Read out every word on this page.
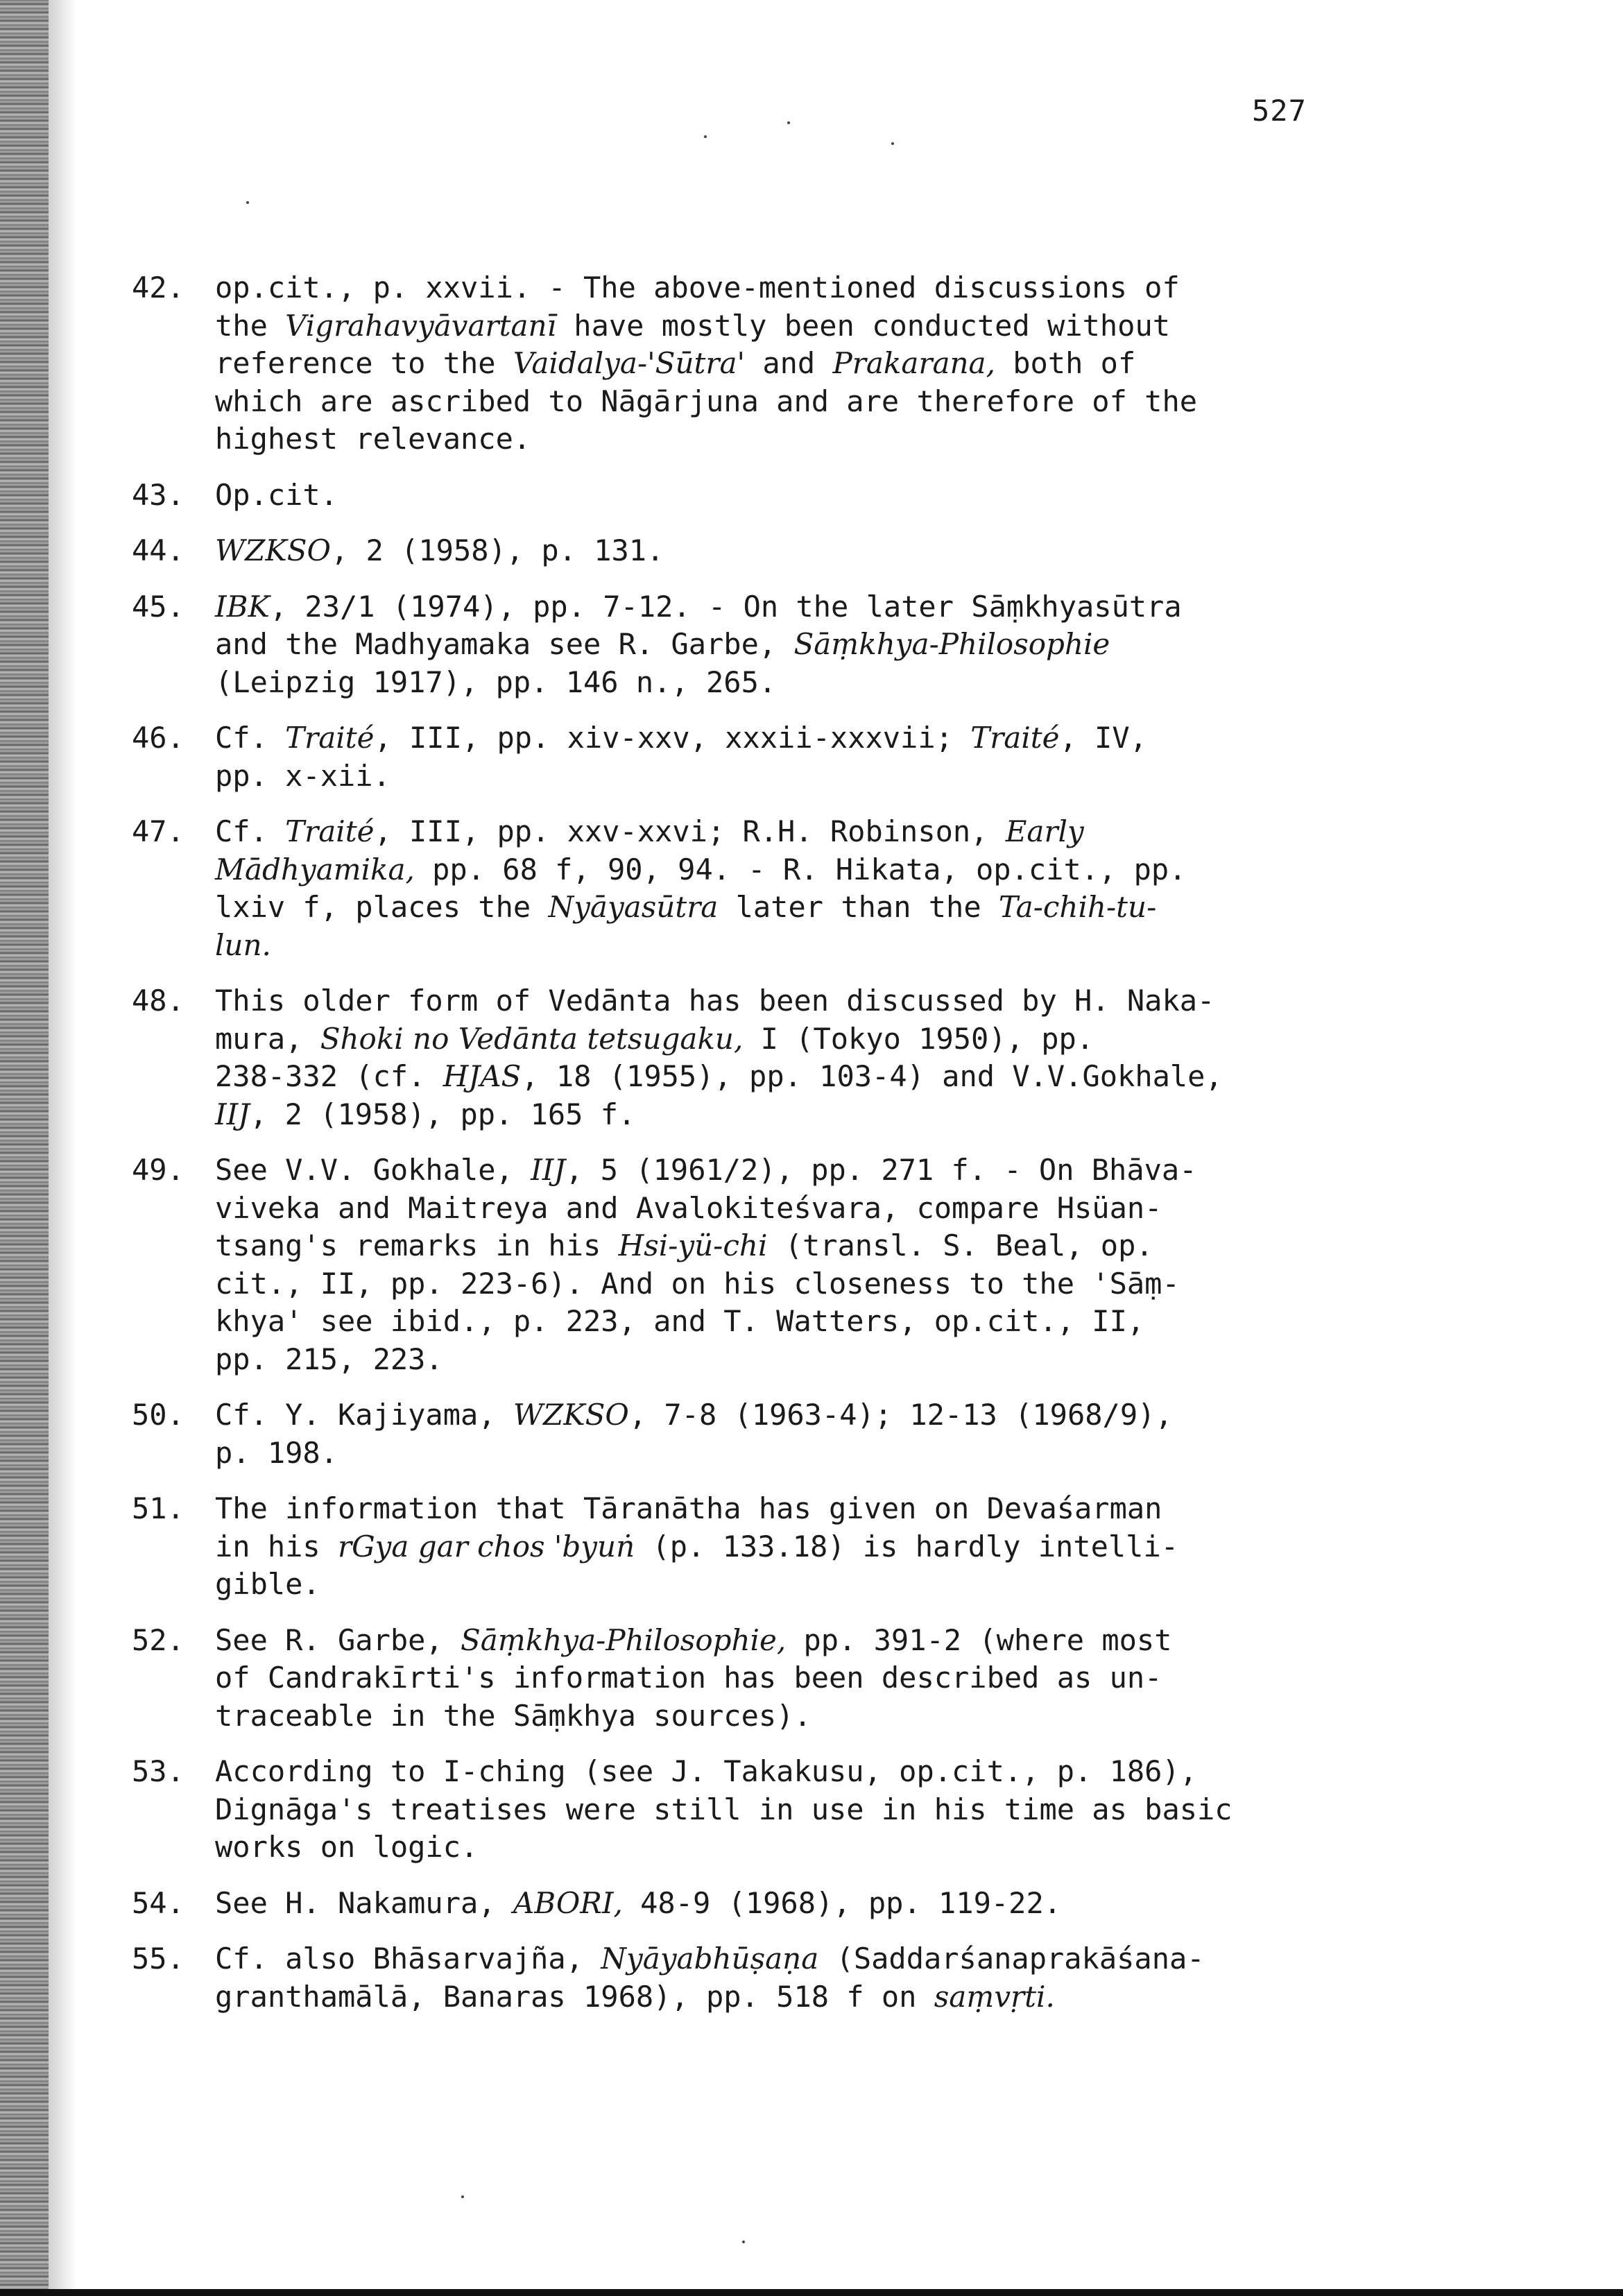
527
42.	op.cit., p. xxvii. - The above-mentioned discussions of
the Vigrahavyāvartanī have mostly been conducted without
reference to the Vaidalya-'Sūtra' and Prakarana, both of
which are ascribed to Nāgārjuna and are therefore of the
highest relevance.
43.	Op.cit.
44.	WZKSO, 2 (1958), p. 131.
45.	IBK, 23/1 (1974), pp. 7-12. - On the later Sāṃkhyasūtra
and the Madhyamaka see R. Garbe, Sāṃkhya-Philosophie
(Leipzig 1917), pp. 146 n., 265.
46.	Cf. Traité, III, pp. xiv-xxv, xxxii-xxxvii; Traité, IV,
pp. x-xii.
47.	Cf. Traité, III, pp. xxv-xxvi; R.H. Robinson, Early
Mādhyamika, pp. 68 f, 90, 94. - R. Hikata, op.cit., pp.
lxiv f, places the Nyāyasūtra later than the Ta-chih-tu-
lun.
48.	This older form of Vedānta has been discussed by H. Naka-
mura, Shoki no Vedānta tetsugaku, I (Tokyo 1950), pp.
238-332 (cf. HJAS, 18 (1955), pp. 103-4) and V.V.Gokhale,
IIJ, 2 (1958), pp. 165 f.
49.	See V.V. Gokhale, IIJ, 5 (1961/2), pp. 271 f. - On Bhāva-
viveka and Maitreya and Avalokiteśvara, compare Hsüan-
tsang's remarks in his Hsi-yü-chi (transl. S. Beal, op.
cit., II, pp. 223-6). And on his closeness to the 'Sāṃ-
khya' see ibid., p. 223, and T. Watters, op.cit., II,
pp. 215, 223.
50.	Cf. Y. Kajiyama, WZKSO, 7-8 (1963-4); 12-13 (1968/9),
p. 198.
51.	The information that Tāranātha has given on Devaśarman
in his rGya gar chos 'byuṅ (p. 133.18) is hardly intelli-
gible.
52.	See R. Garbe, Sāṃkhya-Philosophie, pp. 391-2 (where most
of Candrakīrti's information has been described as un-
traceable in the Sāṃkhya sources).
53.	According to I-ching (see J. Takakusu, op.cit., p. 186),
Dignāga's treatises were still in use in his time as basic
works on logic.
54.	See H. Nakamura, ABORI, 48-9 (1968), pp. 119-22.
55.	Cf. also Bhāsarvajña, Nyāyabhūṣaṇa (Saddarśanaprakāśana-
granthamālā, Banaras 1968), pp. 518 f on saṃvṛti.
